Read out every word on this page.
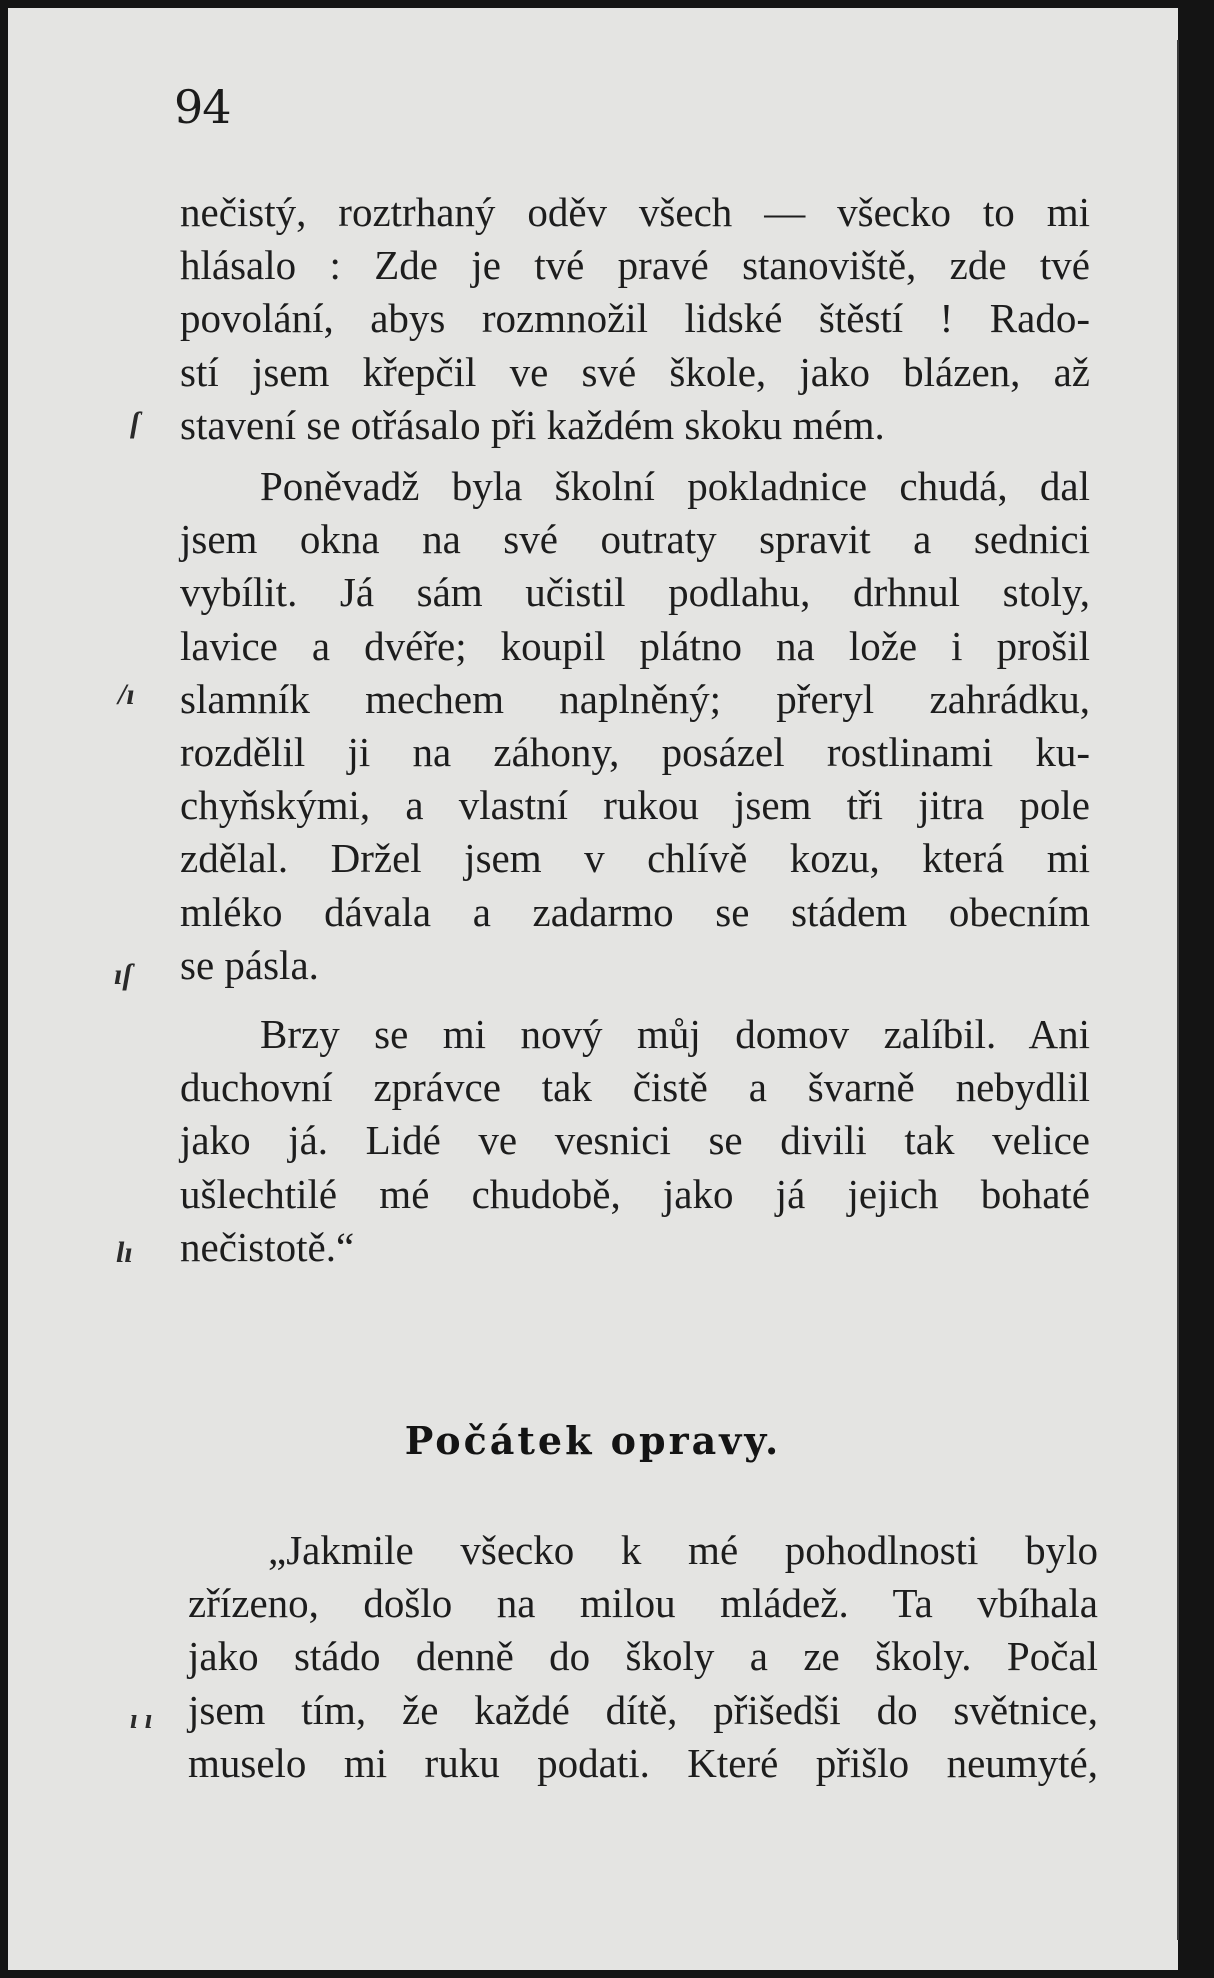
94
nečistý, roztrhaný oděv všech — všecko to mi
hlásalo : Zde je tvé pravé stanoviště, zde tvé
povolání, abys rozmnožil lidské štěstí ! Rado-
stí jsem křepčil ve své škole, jako blázen, až
stavení se otřásalo při každém skoku mém.
Poněvadž byla školní pokladnice chudá, dal
jsem okna na své outraty spravit a sednici
vybílit. Já sám učistil podlahu, drhnul stoly,
lavice a dvéře; koupil plátno na lože i prošil
slamník mechem naplněný; přeryl zahrádku,
rozdělil ji na záhony, posázel rostlinami ku-
chyňskými, a vlastní rukou jsem tři jitra pole
zdělal. Držel jsem v chlívě kozu, která mi
mléko dávala a zadarmo se stádem obecním
se pásla.
Brzy se mi nový můj domov zalíbil. Ani
duchovní zprávce tak čistě a švarně nebydlil
jako já. Lidé ve vesnici se divili tak velice
ušlechtilé mé chudobě, jako já jejich bohaté
nečistotě.“
Počátek opravy.
„Jakmile všecko k mé pohodlnosti bylo
zřízeno, došlo na milou mládež. Ta vbíhala
jako stádo denně do školy a ze školy. Počal
jsem tím, že každé dítě, přišedši do světnice,
muselo mi ruku podati. Které přišlo neumyté,
ſ
/ı
ıſ
lı
ı ı
